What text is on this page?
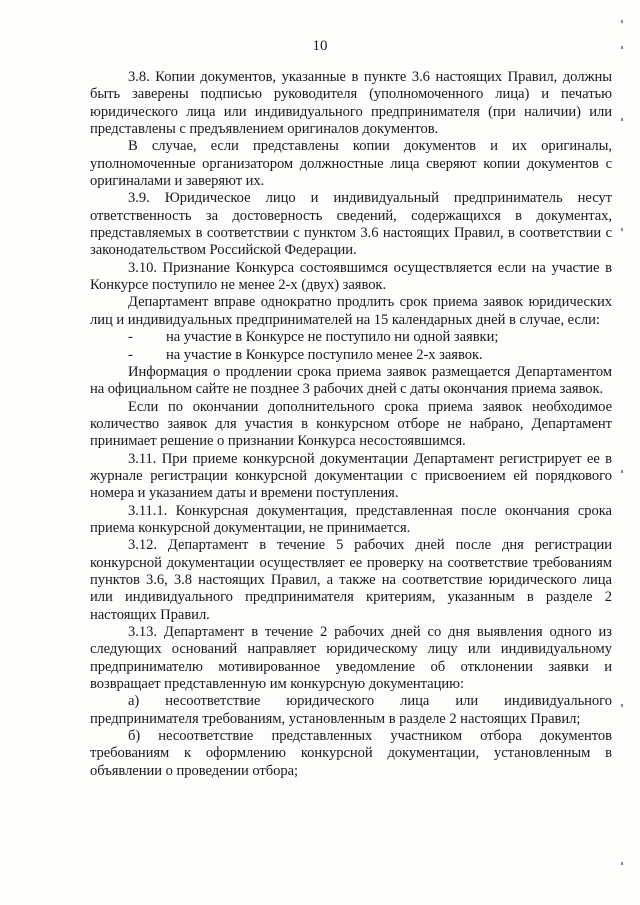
10

3.8. Копии документов, указанные в пункте 3.6 настоящих Правил, должны быть заверены подписью руководителя (уполномоченного лица) и печатью юридического лица или индивидуального предпринимателя (при наличии) или представлены с предъявлением оригиналов документов.

В случае, если представлены копии документов и их оригиналы, уполномоченные организатором должностные лица сверяют копии документов с оригиналами и заверяют их.

3.9. Юридическое лицо и индивидуальный предприниматель несут ответственность за достоверность сведений, содержащихся в документах, представляемых в соответствии с пунктом 3.6 настоящих Правил, в соответствии с законодательством Российской Федерации.

3.10. Признание Конкурса состоявшимся осуществляется если на участие в Конкурсе поступило не менее 2-х (двух) заявок.

Департамент вправе однократно продлить срок приема заявок юридических лиц и индивидуальных предпринимателей на 15 календарных дней в случае, если:

- на участие в Конкурсе не поступило ни одной заявки;

- на участие в Конкурсе поступило менее 2-х заявок.

Информация о продлении срока приема заявок размещается Департаментом на официальном сайте не позднее 3 рабочих дней с даты окончания приема заявок.

Если по окончании дополнительного срока приема заявок необходимое количество заявок для участия в конкурсном отборе не набрано, Департамент принимает решение о признании Конкурса несостоявшимся.

3.11. При приеме конкурсной документации Департамент регистрирует ее в журнале регистрации конкурсной документации с присвоением ей порядкового номера и указанием даты и времени поступления.

3.11.1. Конкурсная документация, представленная после окончания срока приема конкурсной документации, не принимается.

3.12. Департамент в течение 5 рабочих дней после дня регистрации конкурсной документации осуществляет ее проверку на соответствие требованиям пунктов 3.6, 3.8 настоящих Правил, а также на соответствие юридического лица или индивидуального предпринимателя критериям, указанным в разделе 2 настоящих Правил.

3.13. Департамент в течение 2 рабочих дней со дня выявления одного из следующих оснований направляет юридическому лицу или индивидуальному предпринимателю мотивированное уведомление об отклонении заявки и возвращает представленную им конкурсную документацию:

а) несоответствие юридического лица или индивидуального предпринимателя требованиям, установленным в разделе 2 настоящих Правил;

б) несоответствие представленных участником отбора документов требованиям к оформлению конкурсной документации, установленным в объявлении о проведении отбора;
